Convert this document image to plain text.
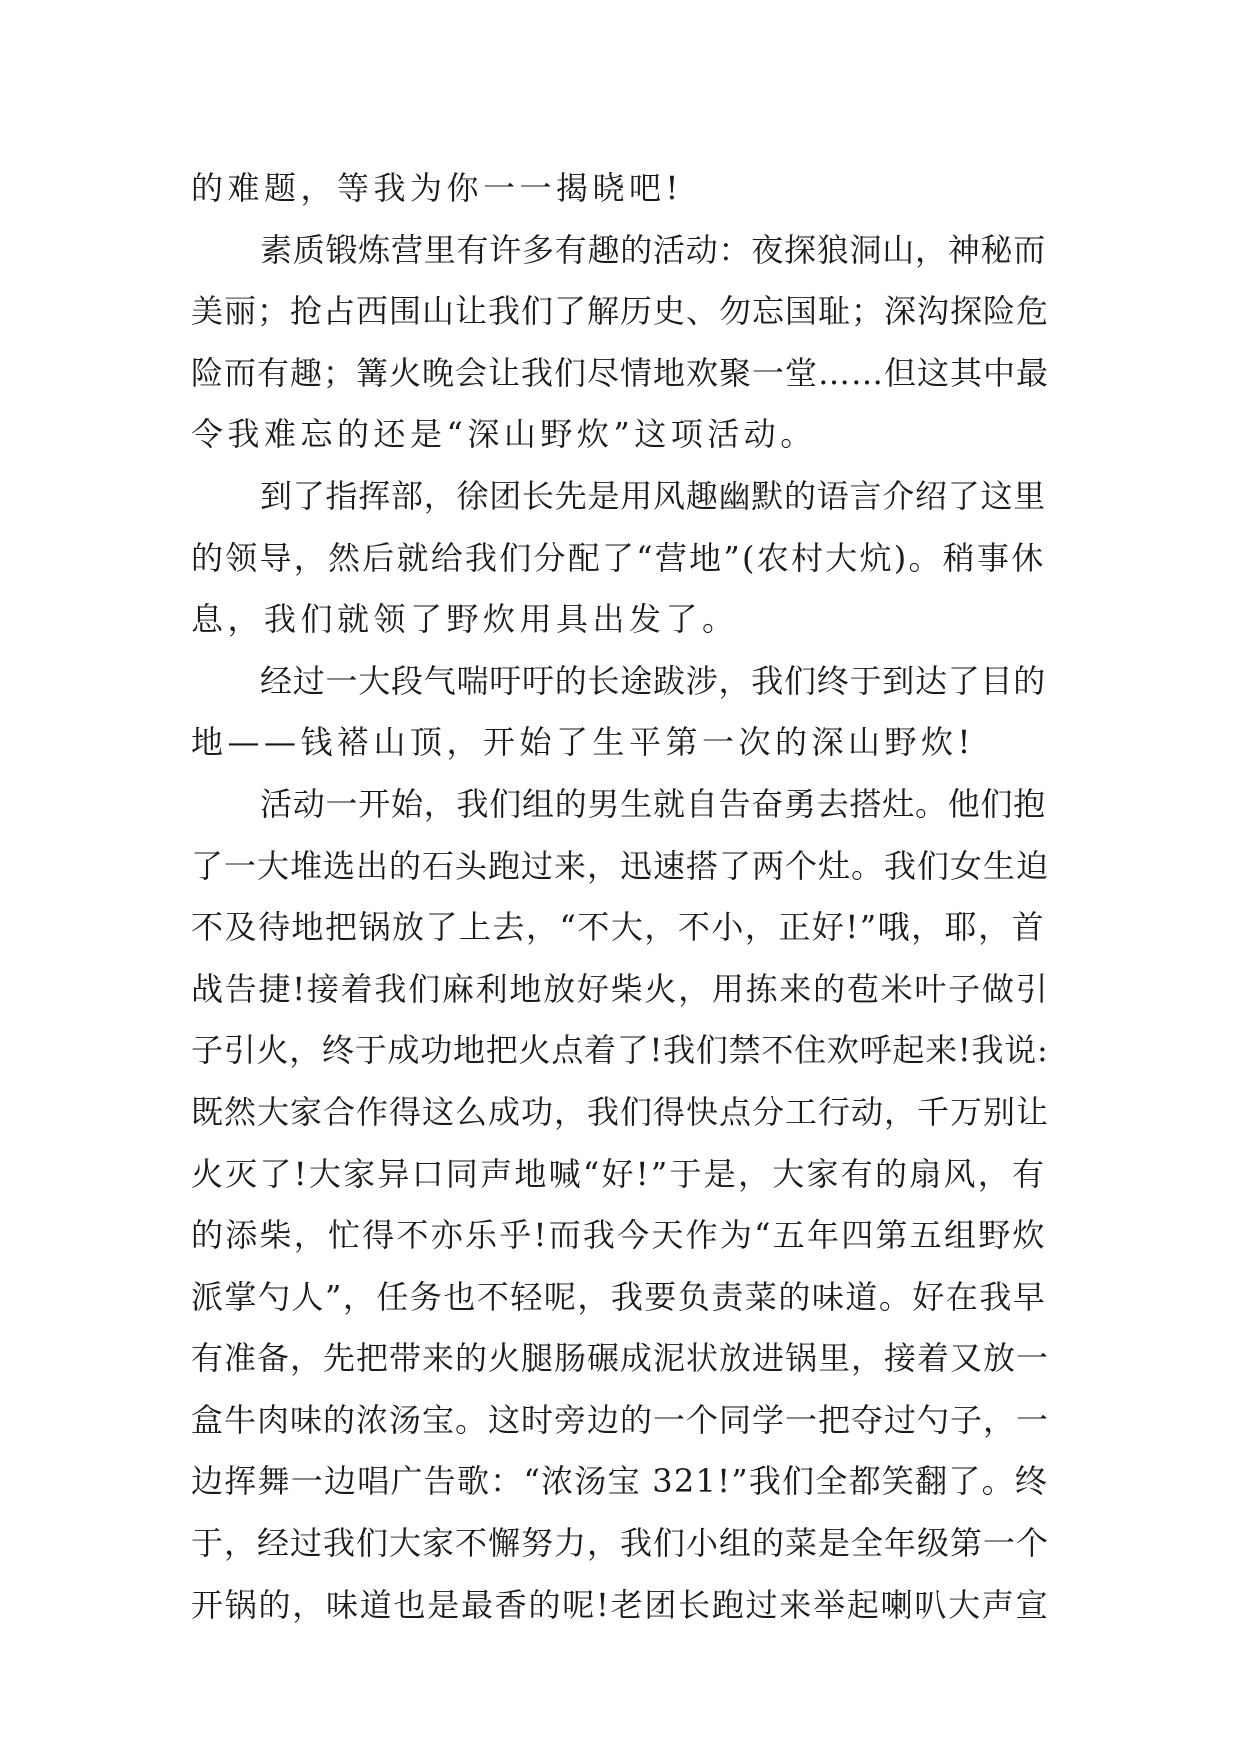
的难题，等我为你一一揭晓吧!

素质锻炼营里有许多有趣的活动：夜探狼洞山，神秘而
美丽；抢占西围山让我们了解历史、勿忘国耻；深沟探险危
险而有趣；篝火晚会让我们尽情地欢聚一堂……但这其中最
令我难忘的还是“深山野炊”这项活动。

到了指挥部，徐团长先是用风趣幽默的语言介绍了这里
的领导，然后就给我们分配了“营地”(农村大炕)。稍事休
息，我们就领了野炊用具出发了。

经过一大段气喘吁吁的长途跋涉，我们终于到达了目的
地——钱褡山顶，开始了生平第一次的深山野炊!

活动一开始，我们组的男生就自告奋勇去搭灶。他们抱
了一大堆选出的石头跑过来，迅速搭了两个灶。我们女生迫
不及待地把锅放了上去，“不大，不小，正好!”哦，耶，首
战告捷!接着我们麻利地放好柴火，用拣来的苞米叶子做引
子引火，终于成功地把火点着了!我们禁不住欢呼起来!我说:
既然大家合作得这么成功，我们得快点分工行动，千万别让
火灭了!大家异口同声地喊“好!”于是，大家有的扇风，有
的添柴，忙得不亦乐乎!而我今天作为“五年四第五组野炊
派掌勺人”，任务也不轻呢，我要负责菜的味道。好在我早
有准备，先把带来的火腿肠碾成泥状放进锅里，接着又放一
盒牛肉味的浓汤宝。这时旁边的一个同学一把夺过勺子，一
边挥舞一边唱广告歌：“浓汤宝 321!”我们全都笑翻了。终
于，经过我们大家不懈努力，我们小组的菜是全年级第一个
开锅的，味道也是最香的呢!老团长跑过来举起喇叭大声宣
